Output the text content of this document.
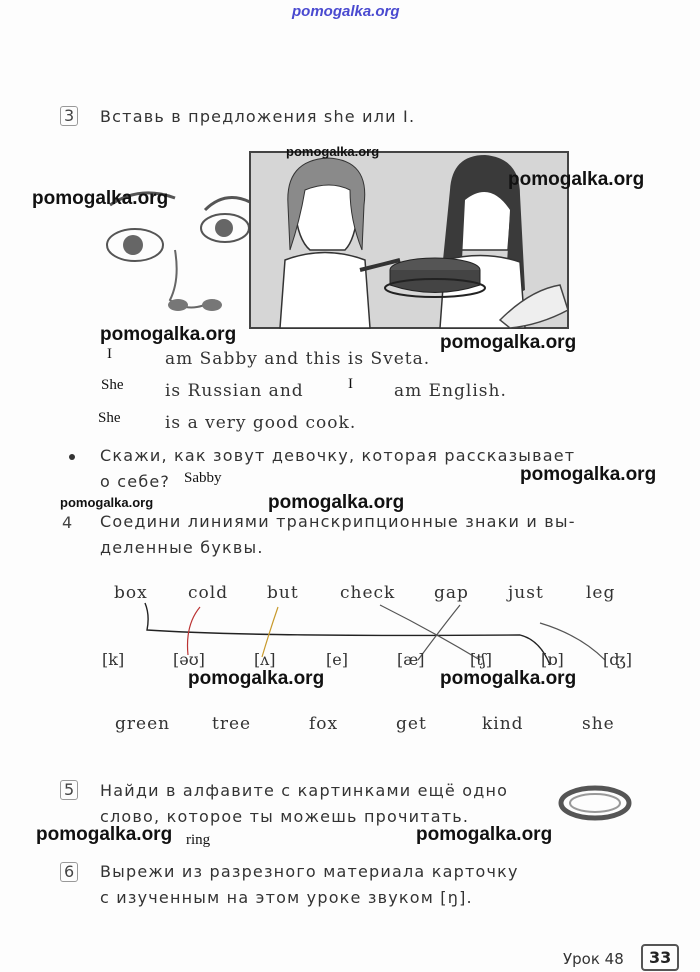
pomogalka.org
3 Вставь в предложения she или I.
I	am Sabby and this is Sveta.
She is Russian and	I am English.
She	is a very good cook.
Скажи, как зовут девочку, которая рассказывает
о себе? Sabby
4 Соедини линиями транскрипционные знаки и вы-
деленные буквы.
box cold but check gap just leg
[k]	[əʊ]	[ʌ]	[e]	[æ]	[ʧ]	[ɒ] [ʤ]
green tree	fox	get	kind	she
5 Найди в алфавите с картинками ещё одно
слово, которое ты можешь прочитать.
ring
6 Вырежи из разрезного материала карточку
с изученным на этом уроке звуком [ŋ].
Урок 48	33
pomogalka.org
pomogalka.org
pomogalka.org
pomogalka.org	pomogalka.org
pomogalka.org
pomogalka.org	pomogalka.org
pomogalka.org	pomogalka.org
pomogalka.org	pomogalka.org
